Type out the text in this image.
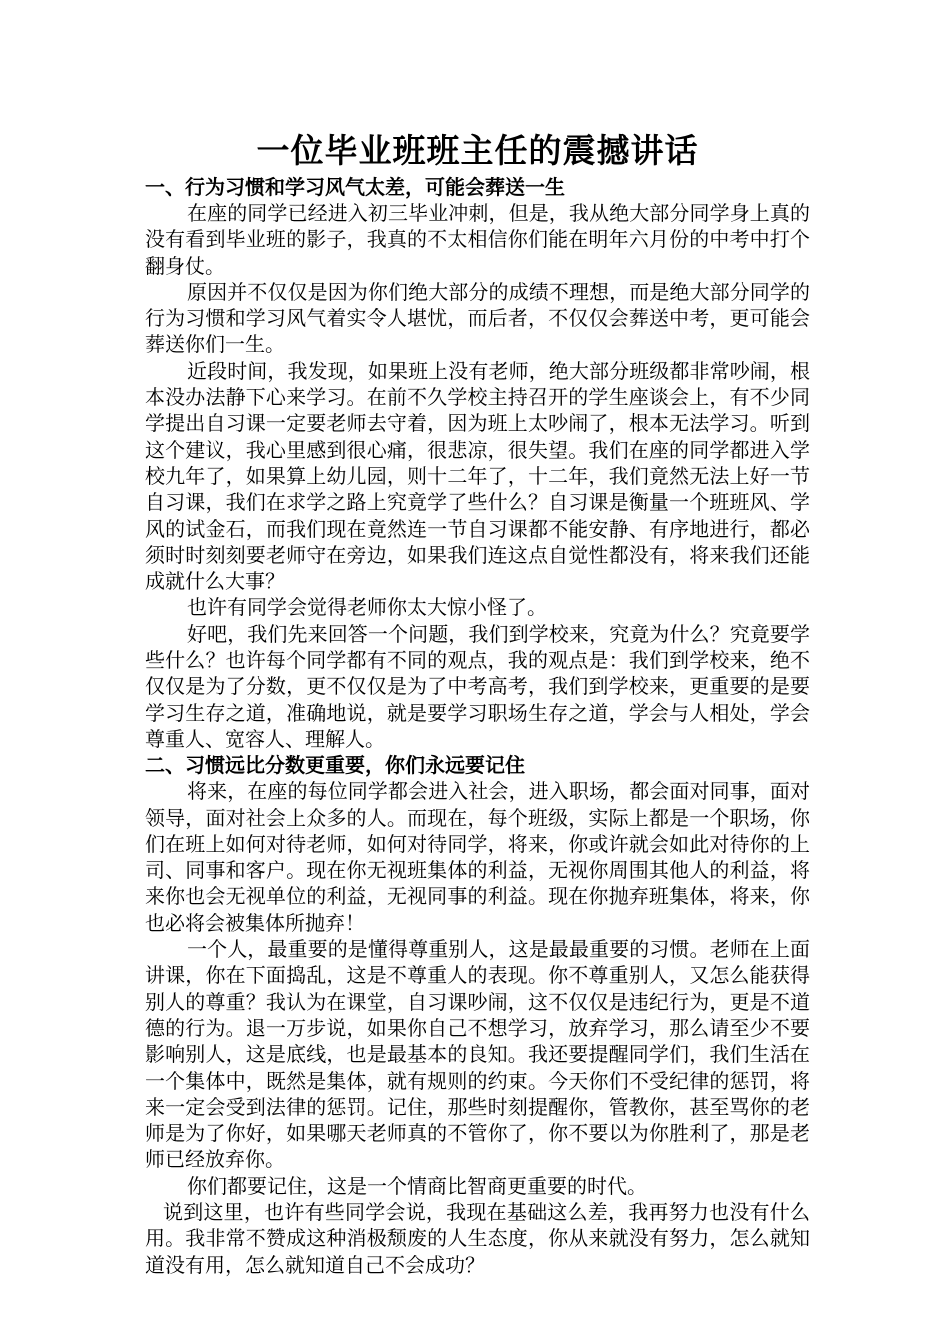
一位毕业班班主任的震撼讲话
一、行为习惯和学习风气太差，可能会葬送一生

在座的同学已经进入初三毕业冲刺，但是，我从绝大部分同学身上真的没有看到毕业班的影子，我真的不太相信你们能在明年六月份的中考中打个翻身仗。

原因并不仅仅是因为你们绝大部分的成绩不理想，而是绝大部分同学的行为习惯和学习风气着实令人堪忧，而后者，不仅仅会葬送中考，更可能会葬送你们一生。

近段时间，我发现，如果班上没有老师，绝大部分班级都非常吵闹，根本没办法静下心来学习。在前不久学校主持召开的学生座谈会上，有不少同学提出自习课一定要老师去守着，因为班上太吵闹了，根本无法学习。听到这个建议，我心里感到很心痛，很悲凉，很失望。我们在座的同学都进入学校九年了，如果算上幼儿园，则十二年了，十二年，我们竟然无法上好一节自习课，我们在求学之路上究竟学了些什么？自习课是衡量一个班班风、学风的试金石，而我们现在竟然连一节自习课都不能安静、有序地进行，都必须时时刻刻要老师守在旁边，如果我们连这点自觉性都没有，将来我们还能成就什么大事？

也许有同学会觉得老师你太大惊小怪了。

好吧，我们先来回答一个问题，我们到学校来，究竟为什么？究竟要学些什么？也许每个同学都有不同的观点，我的观点是：我们到学校来，绝不仅仅是为了分数，更不仅仅是为了中考高考，我们到学校来，更重要的是要学习生存之道，准确地说，就是要学习职场生存之道，学会与人相处，学会尊重人、宽容人、理解人。

二、习惯远比分数更重要，你们永远要记住

将来，在座的每位同学都会进入社会，进入职场，都会面对同事，面对领导，面对社会上众多的人。而现在，每个班级，实际上都是一个职场，你们在班上如何对待老师，如何对待同学，将来，你或许就会如此对待你的上司、同事和客户。现在你无视班集体的利益，无视你周围其他人的利益，将来你也会无视单位的利益，无视同事的利益。现在你抛弃班集体，将来，你也必将会被集体所抛弃！

一个人，最重要的是懂得尊重别人，这是最最重要的习惯。老师在上面讲课，你在下面捣乱，这是不尊重人的表现。你不尊重别人，又怎么能获得别人的尊重？我认为在课堂，自习课吵闹，这不仅仅是违纪行为，更是不道德的行为。退一万步说，如果你自己不想学习，放弃学习，那么请至少不要影响别人，这是底线，也是最基本的良知。我还要提醒同学们，我们生活在一个集体中，既然是集体，就有规则的约束。今天你们不受纪律的惩罚，将来一定会受到法律的惩罚。记住，那些时刻提醒你，管教你，甚至骂你的老师是为了你好，如果哪天老师真的不管你了，你不要以为你胜利了，那是老师已经放弃你。

你们都要记住，这是一个情商比智商更重要的时代。

说到这里，也许有些同学会说，我现在基础这么差，我再努力也没有什么用。我非常不赞成这种消极颓废的人生态度，你从来就没有努力，怎么就知道没有用，怎么就知道自己不会成功？
